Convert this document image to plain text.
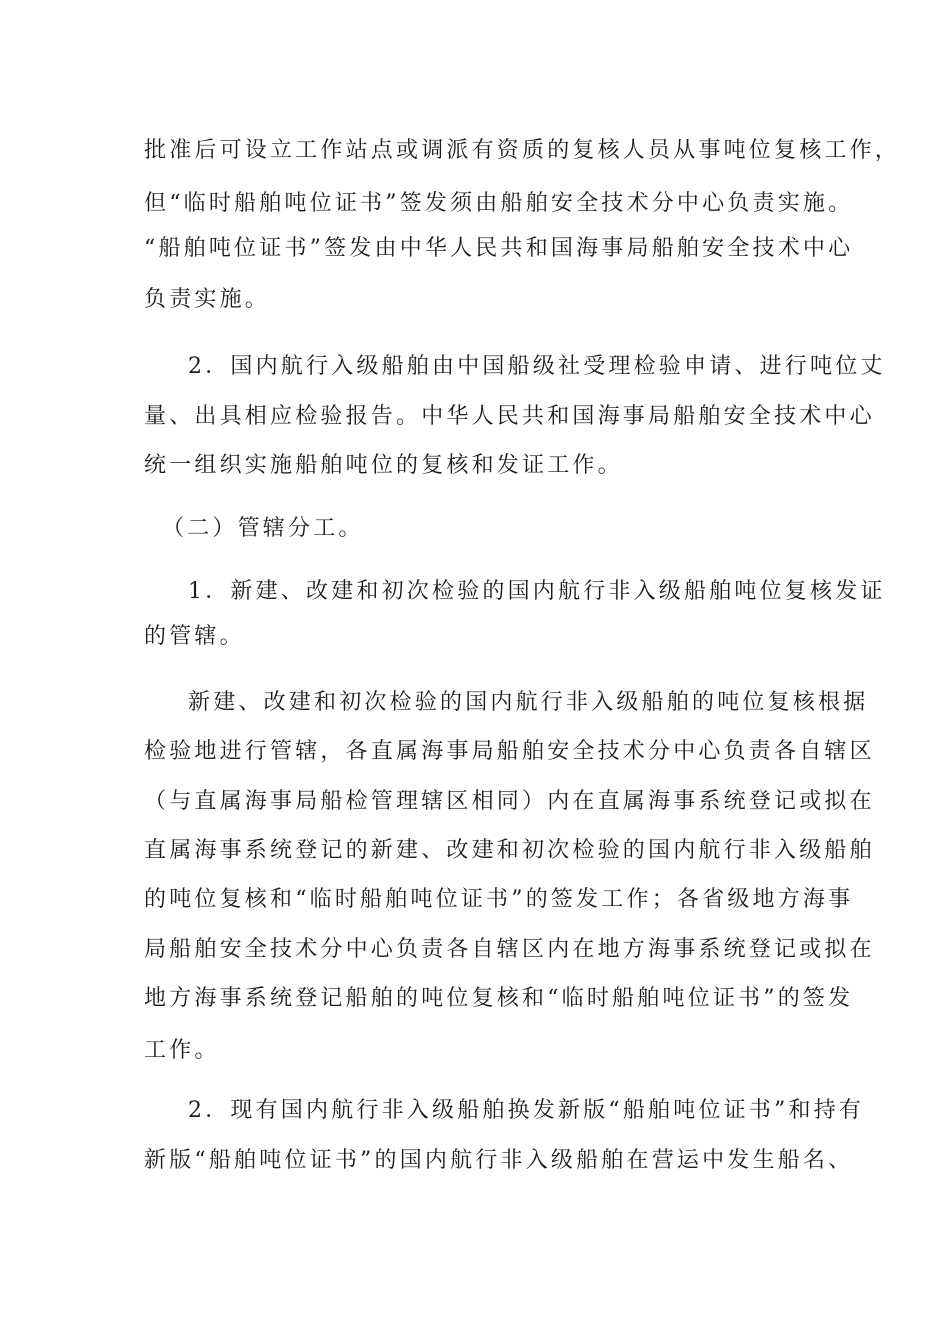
批准后可设立工作站点或调派有资质的复核人员从事吨位复核工作，
但“临时船舶吨位证书”签发须由船舶安全技术分中心负责实施。
“船舶吨位证书”签发由中华人民共和国海事局船舶安全技术中心
负责实施。
2．国内航行入级船舶由中国船级社受理检验申请、进行吨位丈
量、出具相应检验报告。中华人民共和国海事局船舶安全技术中心
统一组织实施船舶吨位的复核和发证工作。
（二）管辖分工。
1．新建、改建和初次检验的国内航行非入级船舶吨位复核发证
的管辖。
新建、改建和初次检验的国内航行非入级船舶的吨位复核根据
检验地进行管辖，各直属海事局船舶安全技术分中心负责各自辖区
（与直属海事局船检管理辖区相同）内在直属海事系统登记或拟在
直属海事系统登记的新建、改建和初次检验的国内航行非入级船舶
的吨位复核和“临时船舶吨位证书”的签发工作；各省级地方海事
局船舶安全技术分中心负责各自辖区内在地方海事系统登记或拟在
地方海事系统登记船舶的吨位复核和“临时船舶吨位证书”的签发
工作。
2．现有国内航行非入级船舶换发新版“船舶吨位证书”和持有
新版“船舶吨位证书”的国内航行非入级船舶在营运中发生船名、
